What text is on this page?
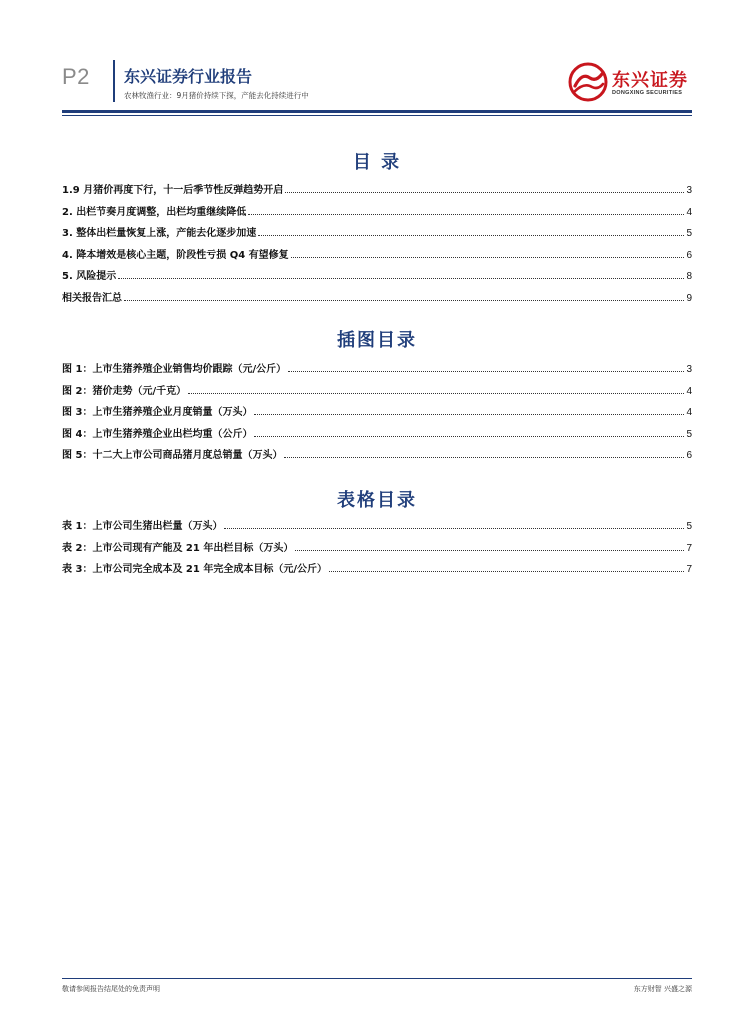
P2 东兴证券行业报告
农林牧渔行业：9月猪价持续下探，产能去化持续进行中
东兴证券
DONGXING SECURITIES
目 录
1.9 月猪价再度下行，十一后季节性反弹趋势开启	3
2. 出栏节奏月度调整，出栏均重继续降低	4
3. 整体出栏量恢复上涨，产能去化逐步加速	5
4. 降本增效是核心主题，阶段性亏损 Q4 有望修复	6
5. 风险提示	8
相关报告汇总	9
插图目录
图 1：上市生猪养殖企业销售均价跟踪（元/公斤）	3
图 2：猪价走势（元/千克）	4
图 3：上市生猪养殖企业月度销量（万头）	4
图 4：上市生猪养殖企业出栏均重（公斤）	5
图 5：十二大上市公司商品猪月度总销量（万头）	6
表格目录
表 1：上市公司生猪出栏量（万头）	5
表 2：上市公司现有产能及 21 年出栏目标（万头）	7
表 3：上市公司完全成本及 21 年完全成本目标（元/公斤）	7
敬请参阅报告结尾处的免责声明	东方财智 兴盛之源
